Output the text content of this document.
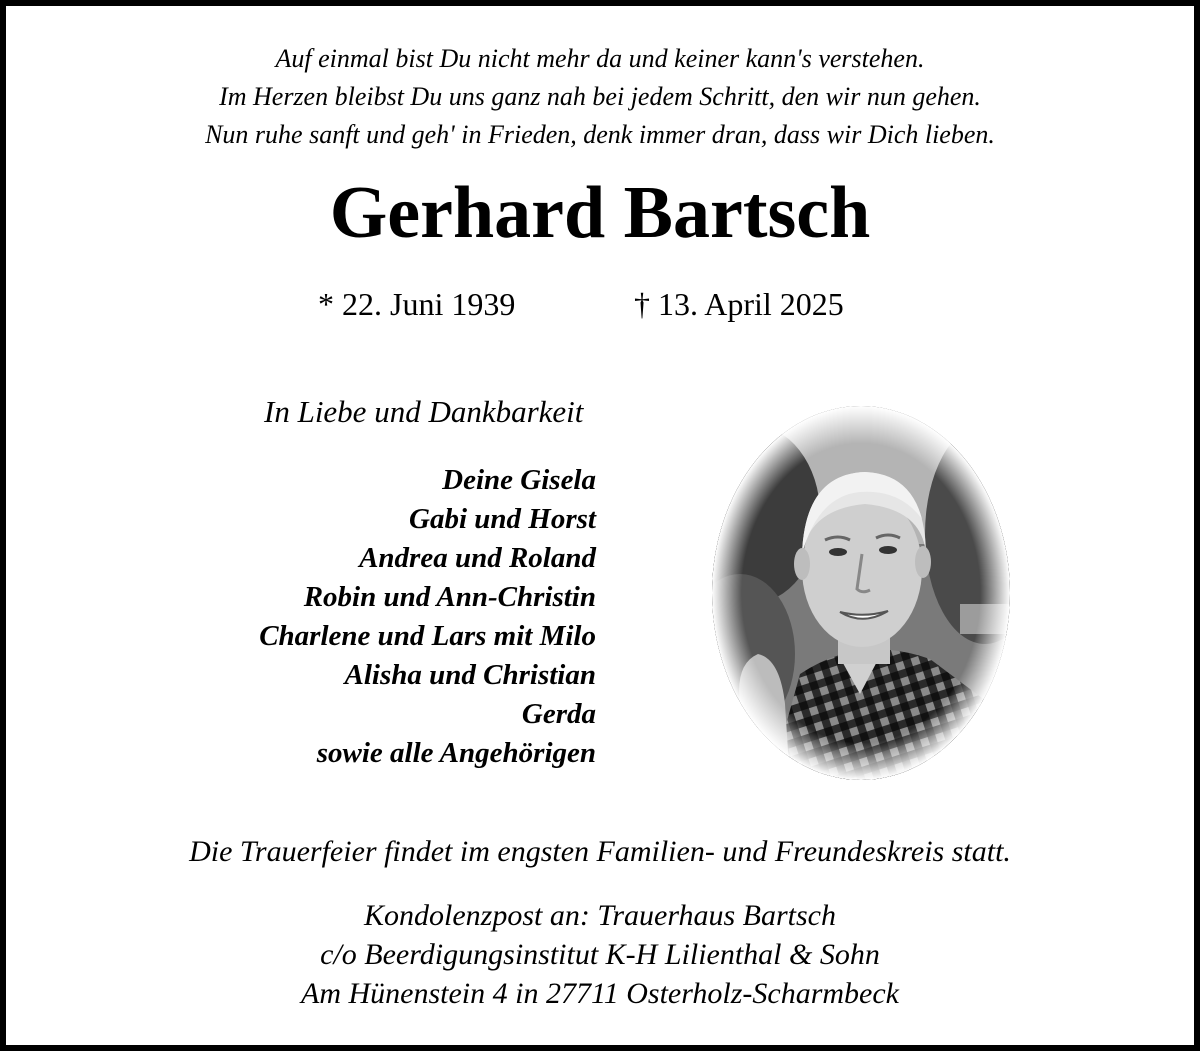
Auf einmal bist Du nicht mehr da und keiner kann's verstehen.
Im Herzen bleibst Du uns ganz nah bei jedem Schritt, den wir nun gehen.
Nun ruhe sanft und geh' in Frieden, denk immer dran, dass wir Dich lieben.
Gerhard Bartsch
* 22. Juni 1939	† 13. April 2025
In Liebe und Dankbarkeit
Deine Gisela
Gabi und Horst
Andrea und Roland
Robin und Ann-Christin
Charlene und Lars mit Milo
Alisha und Christian
Gerda
sowie alle Angehörigen
Die Trauerfeier findet im engsten Familien- und Freundeskreis statt.
Kondolenzpost an: Trauerhaus Bartsch
c/o Beerdigungsinstitut K-H Lilienthal & Sohn
Am Hünenstein 4 in 27711 Osterholz-Scharmbeck
